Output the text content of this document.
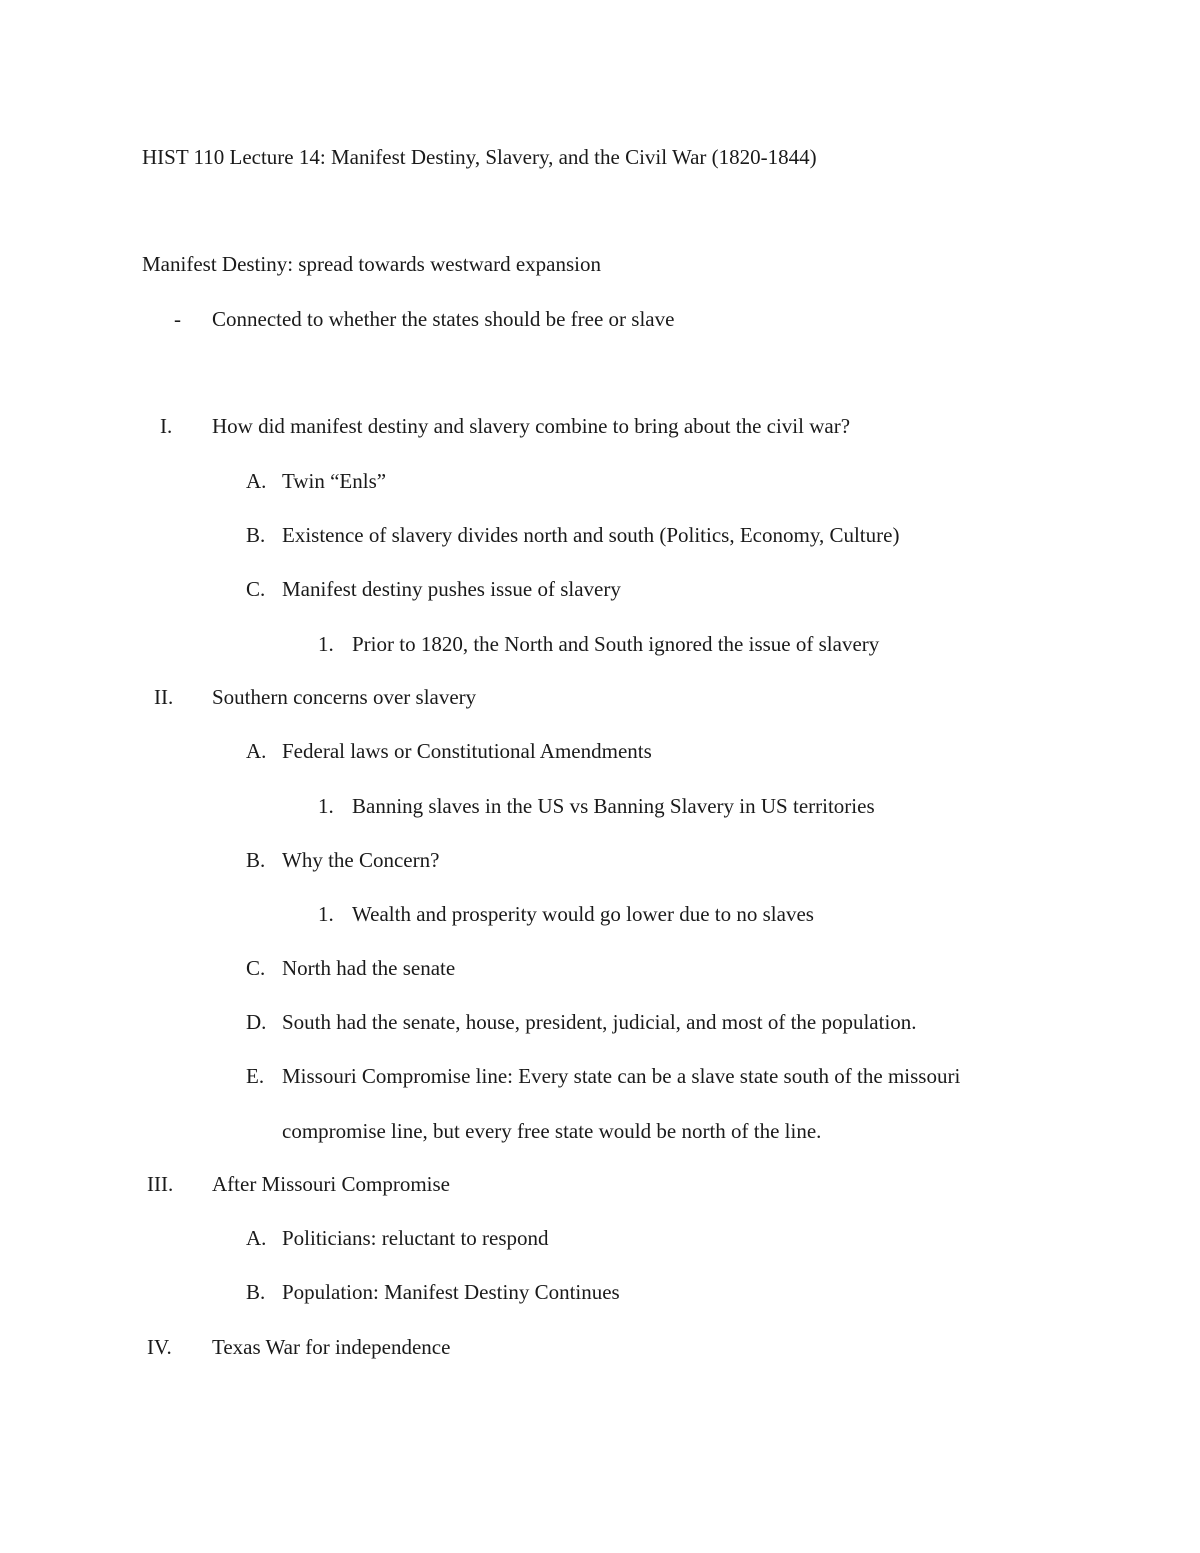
HIST 110 Lecture 14: Manifest Destiny, Slavery, and the Civil War (1820-1844)
Manifest Destiny: spread towards westward expansion
- Connected to whether the states should be free or slave
I. How did manifest destiny and slavery combine to bring about the civil war?
A. Twin “Enls”
B. Existence of slavery divides north and south (Politics, Economy, Culture)
C. Manifest destiny pushes issue of slavery
1. Prior to 1820, the North and South ignored the issue of slavery
II. Southern concerns over slavery
A. Federal laws or Constitutional Amendments
1. Banning slaves in the US vs Banning Slavery in US territories
B. Why the Concern?
1. Wealth and prosperity would go lower due to no slaves
C. North had the senate
D. South had the senate, house, president, judicial, and most of the population.
E. Missouri Compromise line: Every state can be a slave state south of the missouri
compromise line, but every free state would be north of the line.
III. After Missouri Compromise
A. Politicians: reluctant to respond
B. Population: Manifest Destiny Continues
IV. Texas War for independence
